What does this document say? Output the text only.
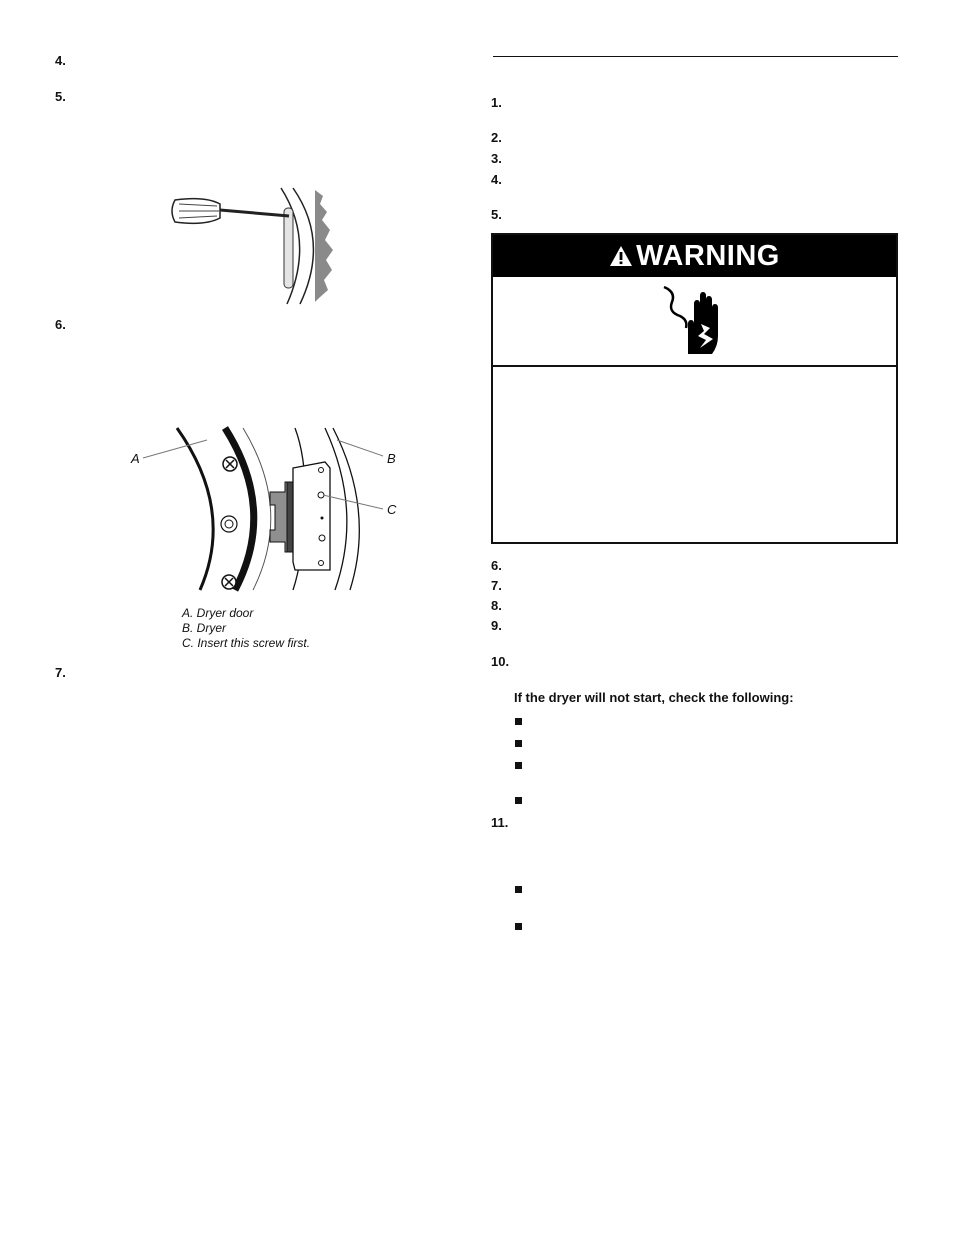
4.
5.
6.
A	B
C
A. Dryer door
B. Dryer
C. Insert this screw first.
7.
1.
2.
3.
4.
5.
WARNING
6.
7.
8.
9.
10.
If the dryer will not start, check the following:
11.
